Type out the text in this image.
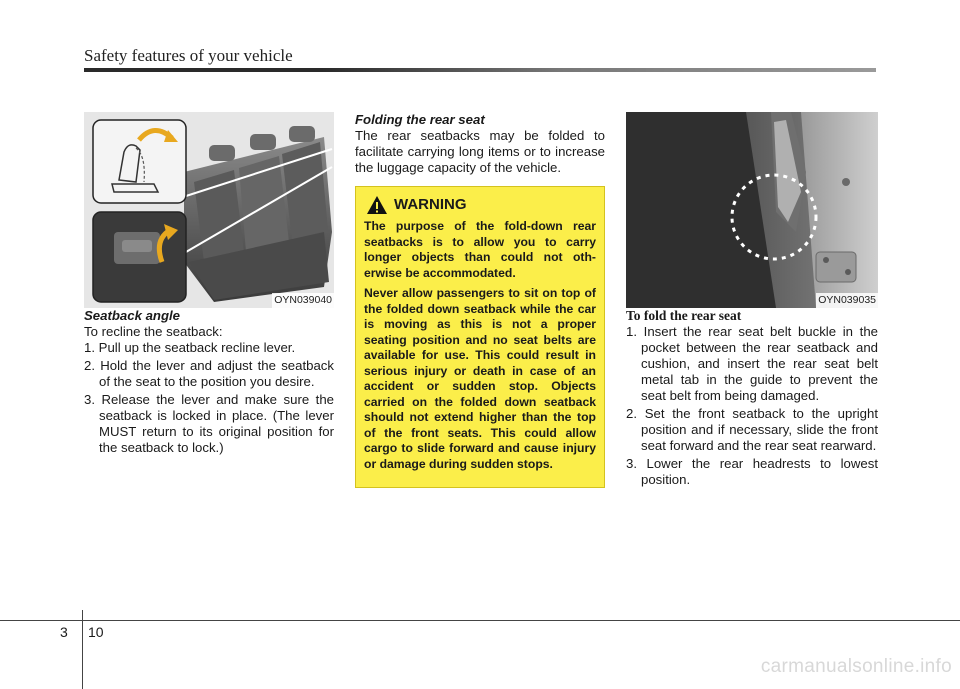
Safety features of your vehicle
OYN039040

Seatback angle

To recline the seatback:

1. Pull up the seatback recline lever.
2. Hold the lever and adjust the seatback of the seat to the position you desire.
3. Release the lever and make sure the seatback is locked in place. (The lever MUST return to its original position for the seatback to lock.)

Folding the rear seat

The rear seatbacks may be folded to facilitate carrying long items or to increase the luggage capacity of the vehicle.

WARNING

The purpose of the fold-down rear seatbacks is to allow you to carry longer objects than could not oth-erwise be accommodated.

Never allow passengers to sit on top of the folded down seatback while the car is moving as this is not a proper seating position and no seat belts are available for use. This could result in serious injury or death in case of an accident or sudden stop. Objects carried on the folded down seatback should not extend higher than the top of the front seats. This could allow cargo to slide forward and cause injury or damage during sudden stops.

OYN039035

To fold the rear seat

1. Insert the rear seat belt buckle in the pocket between the rear seatback and cushion, and insert the rear seat belt metal tab in the guide to prevent the seat belt from being damaged.
2. Set the front seatback to the upright position and if necessary, slide the front seat forward and the rear seat rearward.
3. Lower the rear headrests to lowest position.
3 10
carmanualsonline.info
